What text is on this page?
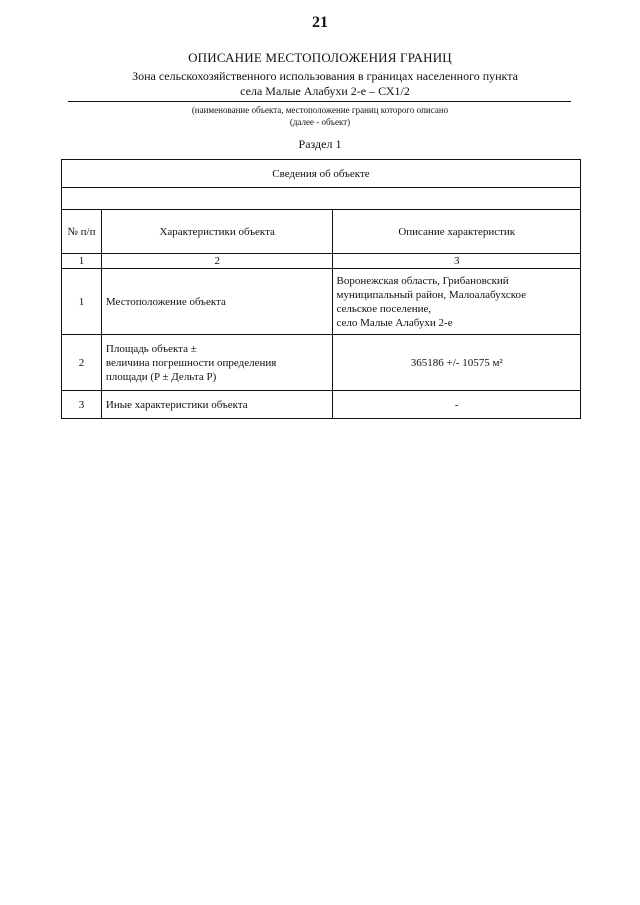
21
ОПИСАНИЕ МЕСТОПОЛОЖЕНИЯ ГРАНИЦ
Зона сельскохозяйственного использования в границах населенного пункта
села Малые Алабухи 2-е – СХ1/2
(наименование объекта, местоположение границ которого описано
(далее - объект)
Раздел 1
Сведения об объекте		

№ п/п	Характеристики объекта	Описание характеристик
1	2	3
1	Местоположение объекта	Воронежская область, Грибановский
муниципальный район, Малоалабухское
сельское поселение,
село Малые Алабухи 2-е

2	Площадь объекта ±
величина погрешности определения
площади (P ± Дельта P)	365186 +/- 10575 м²
3	Иные характеристики объекта	-
